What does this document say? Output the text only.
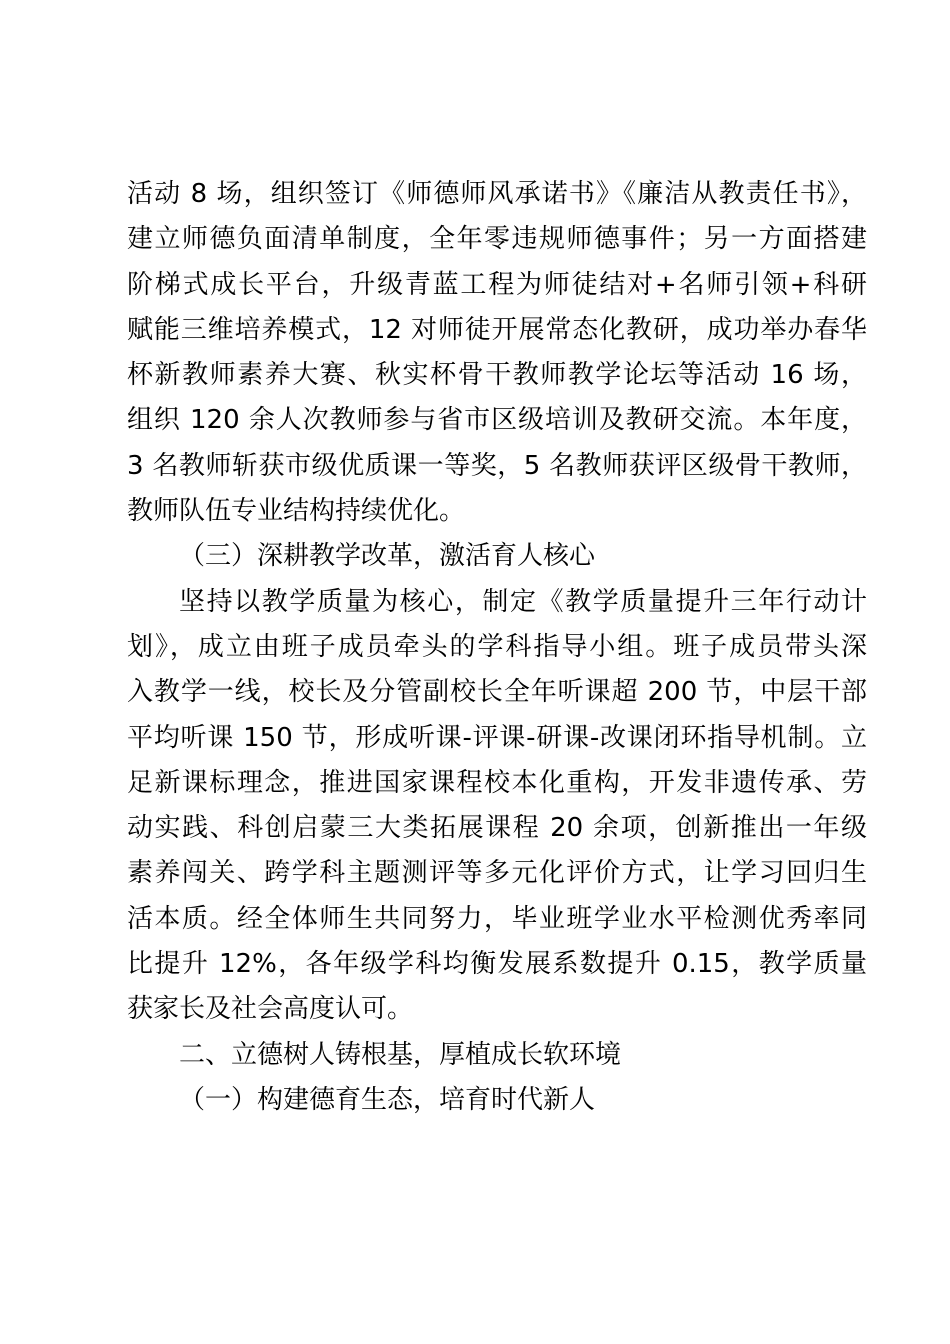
活动 8 场，组织签订《师德师风承诺书》《廉洁从教责任书》，
建立师德负面清单制度，全年零违规师德事件；另一方面搭建
阶梯式成长平台，升级青蓝工程为师徒结对+名师引领+科研
赋能三维培养模式，12 对师徒开展常态化教研，成功举办春华
杯新教师素养大赛、秋实杯骨干教师教学论坛等活动 16 场，
组织 120 余人次教师参与省市区级培训及教研交流。本年度，
3 名教师斩获市级优质课一等奖，5 名教师获评区级骨干教师，
教师队伍专业结构持续优化。
（三）深耕教学改革，激活育人核心
坚持以教学质量为核心，制定《教学质量提升三年行动计
划》，成立由班子成员牵头的学科指导小组。班子成员带头深
入教学一线，校长及分管副校长全年听课超 200 节，中层干部
平均听课 150 节，形成听课-评课-研课-改课闭环指导机制。立
足新课标理念，推进国家课程校本化重构，开发非遗传承、劳
动实践、科创启蒙三大类拓展课程 20 余项，创新推出一年级
素养闯关、跨学科主题测评等多元化评价方式，让学习回归生
活本质。经全体师生共同努力，毕业班学业水平检测优秀率同
比提升 12%，各年级学科均衡发展系数提升 0.15，教学质量
获家长及社会高度认可。
二、立德树人铸根基，厚植成长软环境
（一）构建德育生态，培育时代新人
